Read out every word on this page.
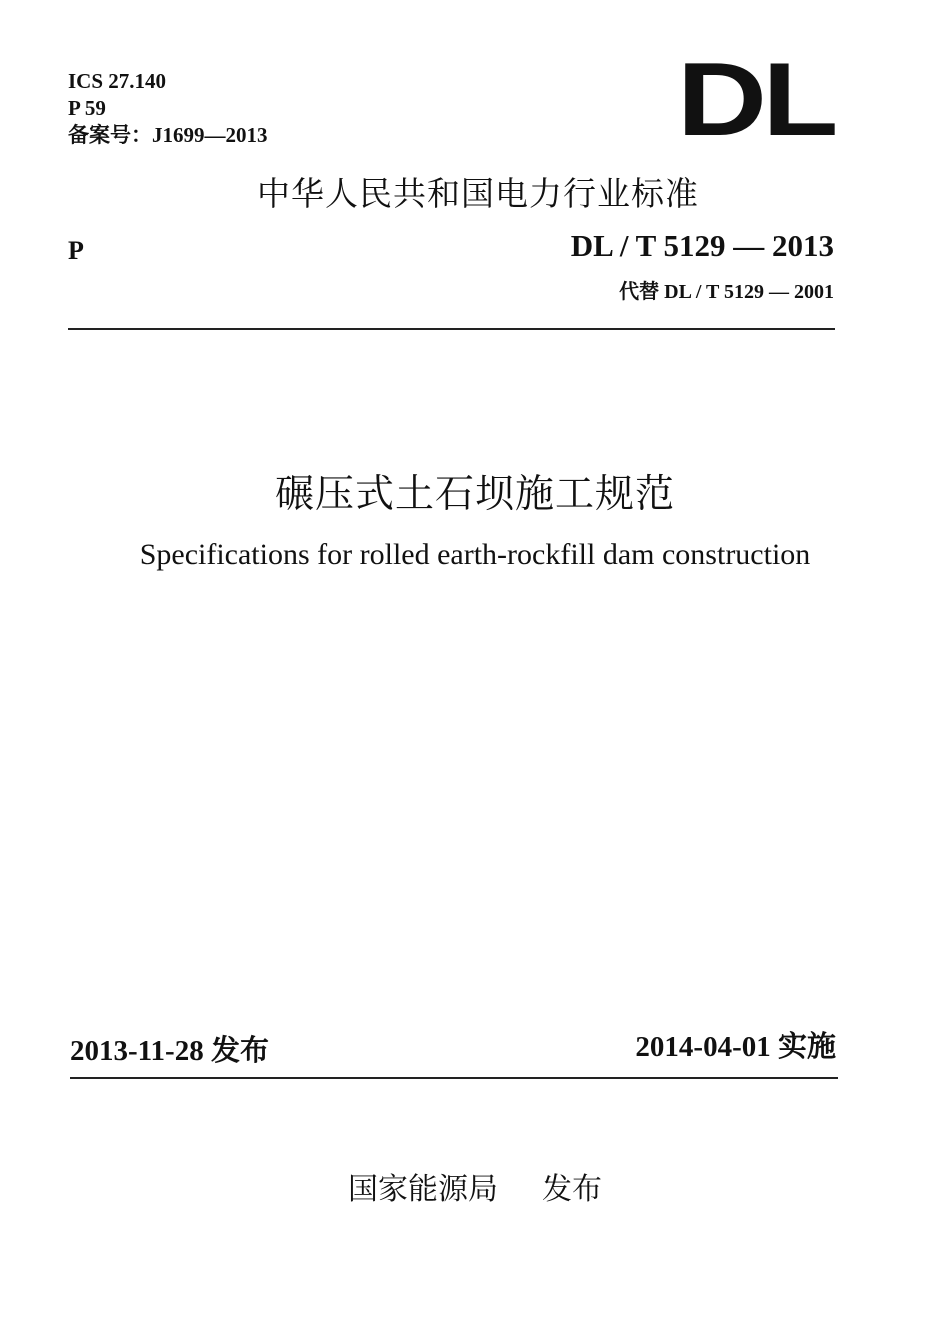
ICS 27.140
P 59
备案号：J1699—2013	DL
中华人民共和国电力行业标准
P	DL / T 5129 — 2013
代替 DL / T 5129 — 2001
碾压式土石坝施工规范
Specifications for rolled earth-rockfill dam construction
2013-11-28 发布	2014-04-01 实施
国家能源局 发布
